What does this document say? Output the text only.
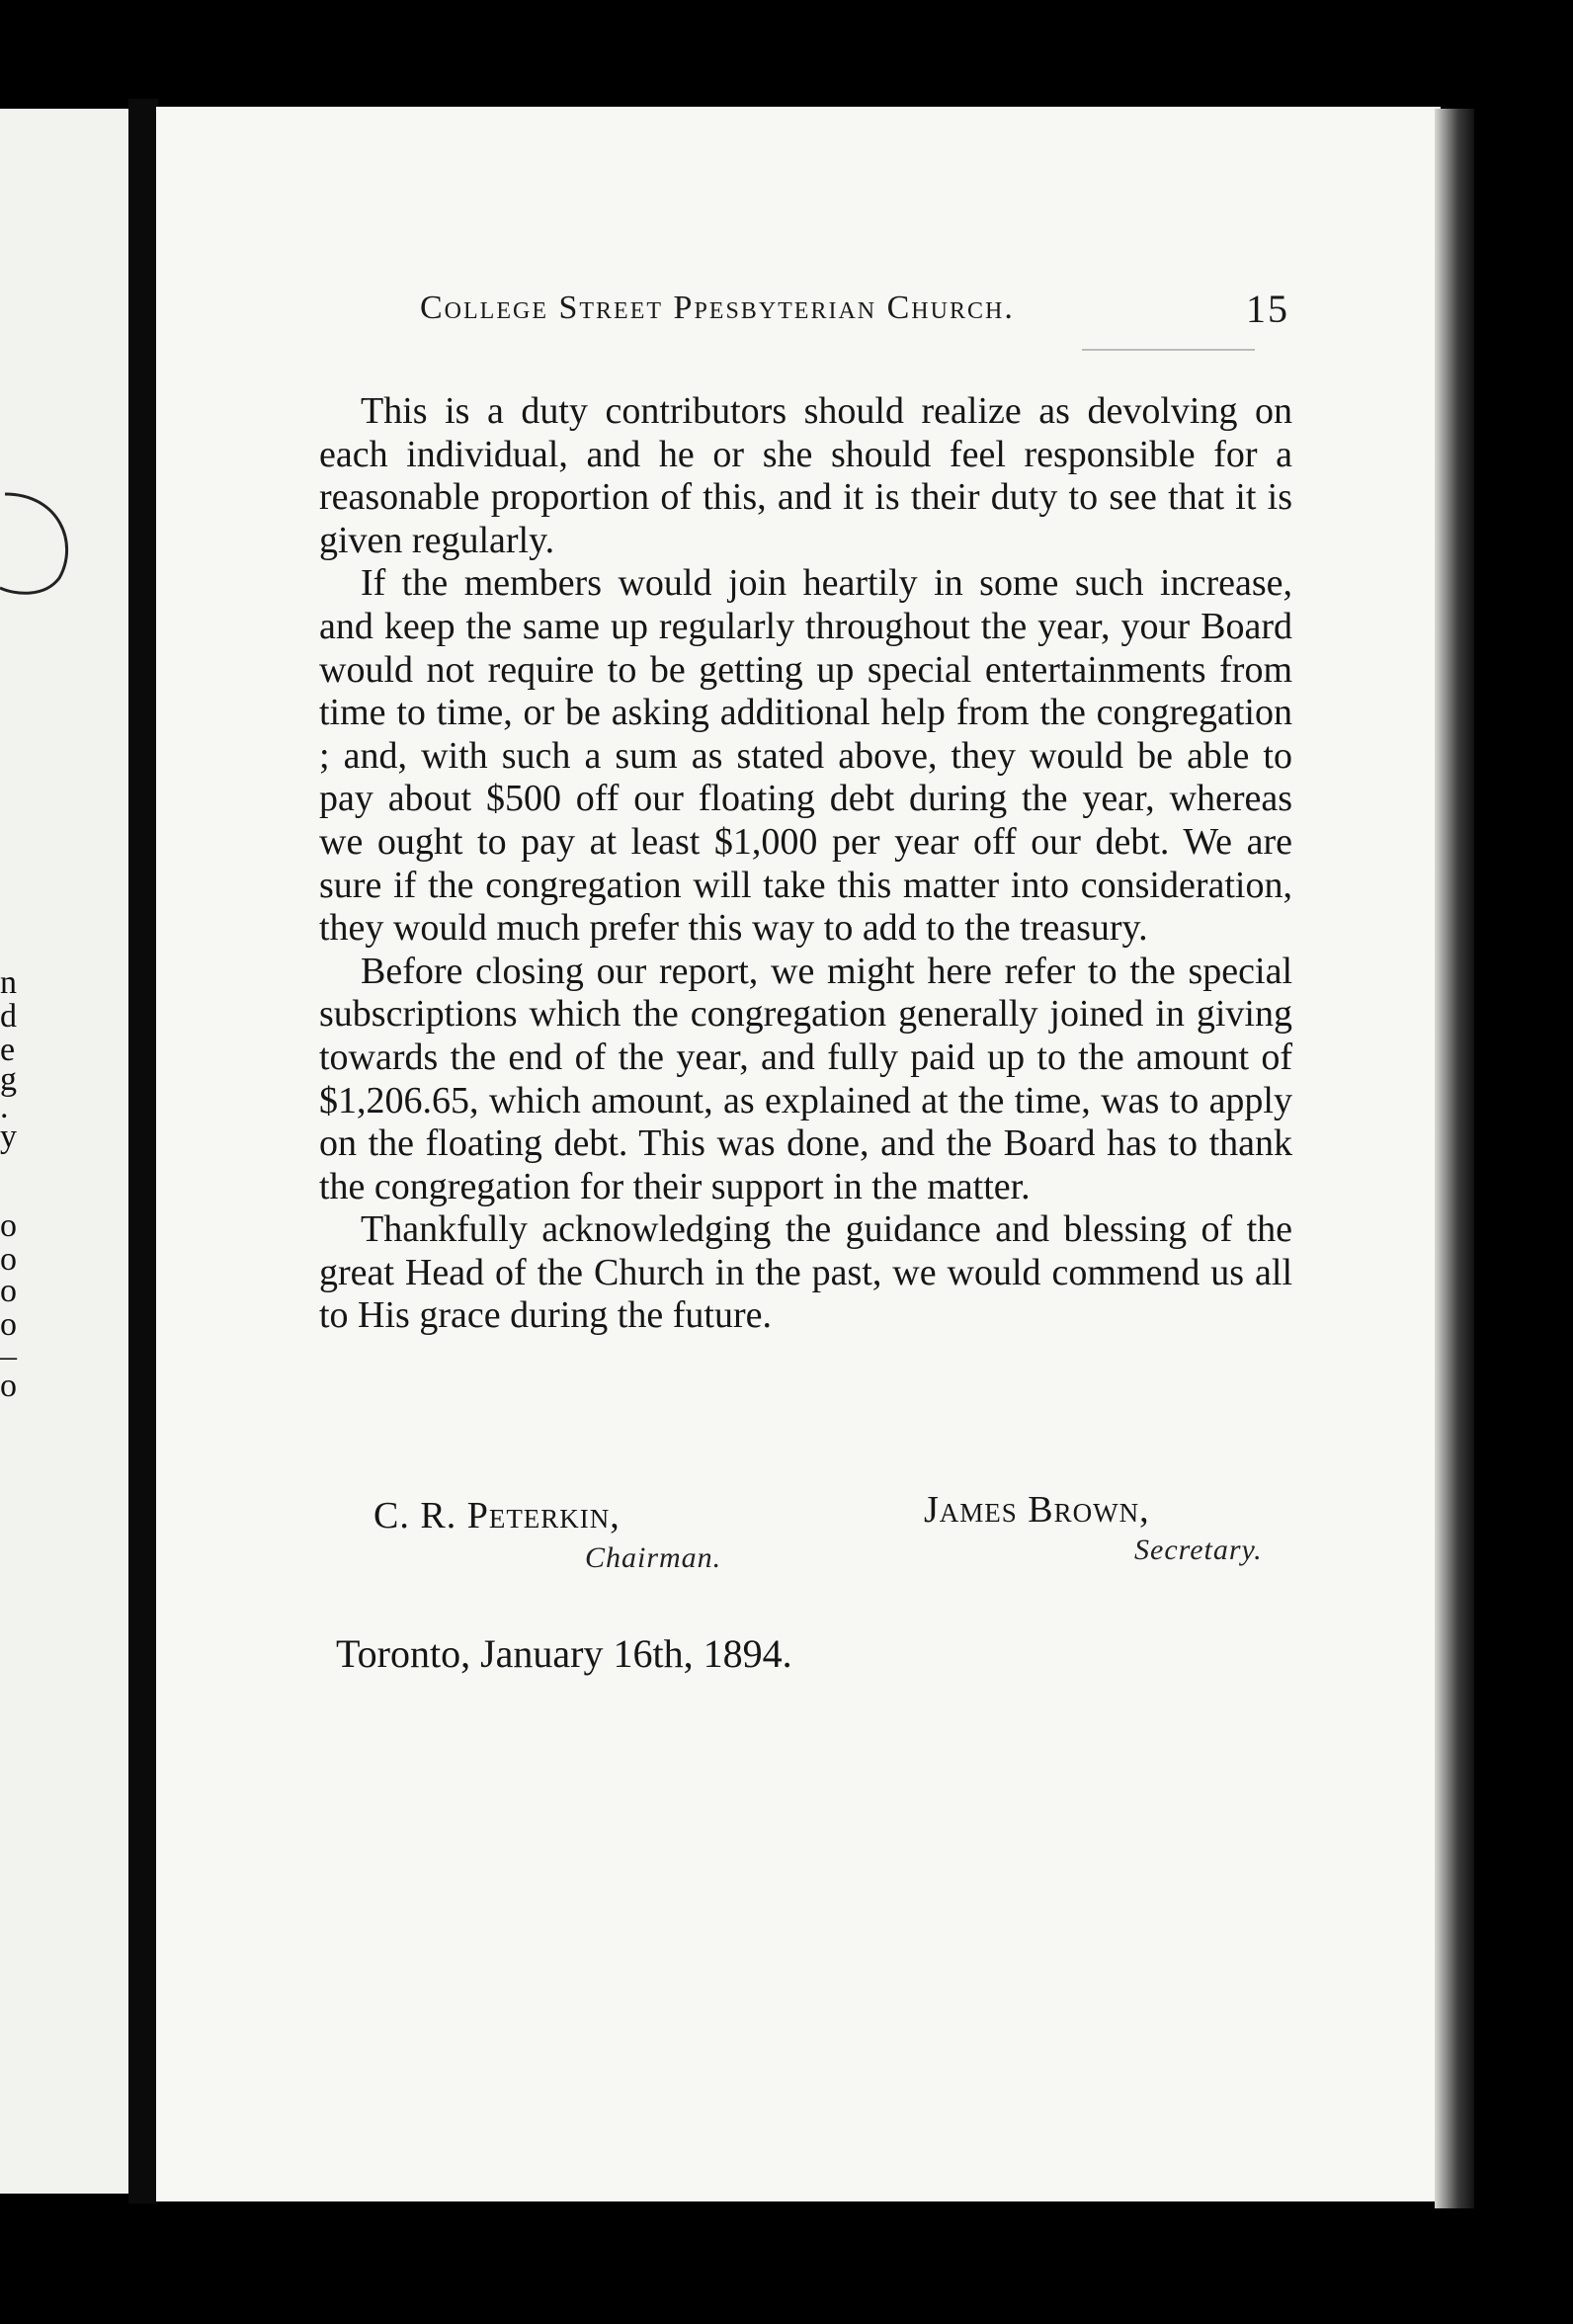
n
d
e
g
.
y
o
o
o
o
–
o
College Street Ppesbyterian Church.	15

This is a duty contributors should realize as devolving on each individual, and he or she should feel responsible for a reasonable proportion of this, and it is their duty to see that it is given regularly.

If the members would join heartily in some such increase, and keep the same up regularly throughout the year, your Board would not require to be getting up special entertainments from time to time, or be asking additional help from the congregation ; and, with such a sum as stated above, they would be able to pay about $500 off our floating debt during the year, whereas we ought to pay at least $1,000 per year off our debt. We are sure if the congregation will take this matter into consideration, they would much prefer this way to add to the treasury.

Before closing our report, we might here refer to the special subscriptions which the congregation generally joined in giving towards the end of the year, and fully paid up to the amount of $1,206.65, which amount, as explained at the time, was to apply on the floating debt. This was done, and the Board has to thank the congregation for their support in the matter.

Thankfully acknowledging the guidance and blessing of the great Head of the Church in the past, we would commend us all to His grace during the future.

C. R. Peterkin,
Chairman.
James Brown,
Secretary.
Toronto, January 16th, 1894.
